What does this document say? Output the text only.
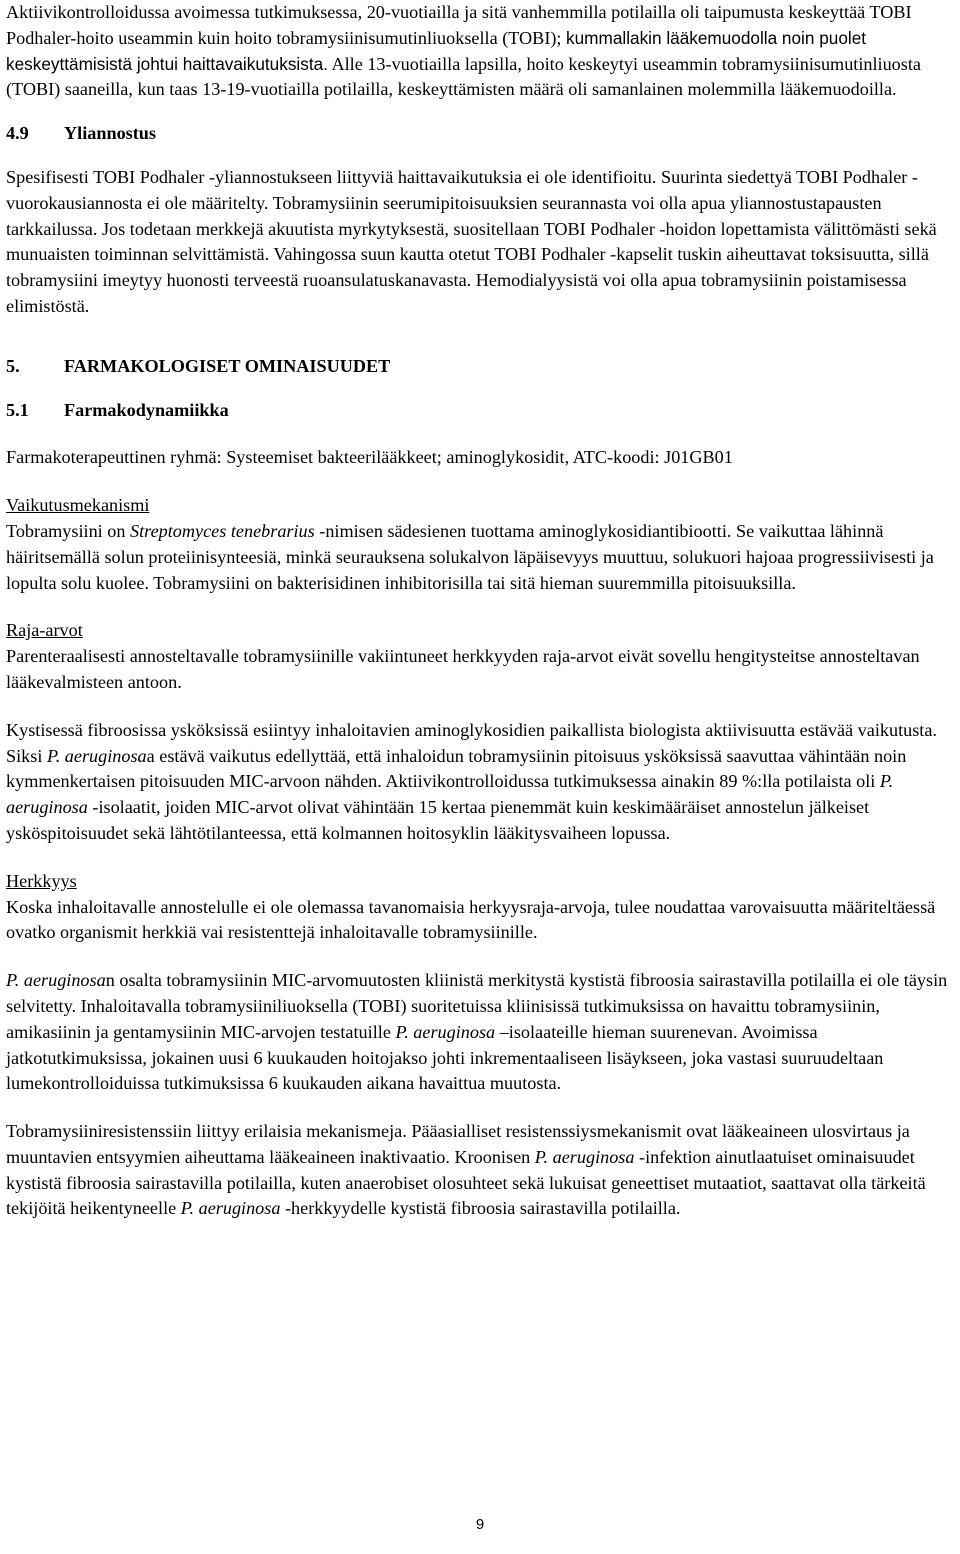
Aktiivikontrolloidussa avoimessa tutkimuksessa, 20-vuotiailla ja sitä vanhemmilla potilailla oli taipumusta keskeyttää TOBI Podhaler-hoito useammin kuin hoito tobramysiinisumutinliuoksella (TOBI); kummallakin lääkemuodolla noin puolet keskeyttämisistä johtui haittavaikutuksista. Alle 13-vuotiailla lapsilla, hoito keskeytyi useammin tobramysiinisumutinliuosta (TOBI) saaneilla, kun taas 13-19-vuotiailla potilailla, keskeyttämisten määrä oli samanlainen molemmilla lääkemuodoilla.

4.9	Yliannostus

Spesifisesti TOBI Podhaler -yliannostukseen liittyviä haittavaikutuksia ei ole identifioitu. Suurinta siedettyä TOBI Podhaler -vuorokausiannosta ei ole määritelty. Tobramysiinin seerumipitoisuuksien seurannasta voi olla apua yliannostustapausten tarkkailussa. Jos todetaan merkkejä akuutista myrkytyksestä, suositellaan TOBI Podhaler -hoidon lopettamista välittömästi sekä munuaisten toiminnan selvittämistä. Vahingossa suun kautta otetut TOBI Podhaler -kapselit tuskin aiheuttavat toksisuutta, sillä tobramysiini imeytyy huonosti terveestä ruoansulatuskanavasta. Hemodialyysistä voi olla apua tobramysiinin poistamisessa elimistöstä.

5.	FARMAKOLOGISET OMINAISUUDET
5.1	Farmakodynamiikka

Farmakoterapeuttinen ryhmä: Systeemiset bakteerilääkkeet; aminoglykosidit, ATC-koodi: J01GB01

Vaikutusmekanismi

Tobramysiini on Streptomyces tenebrarius -nimisen sädesienen tuottama aminoglykosidiantibiootti. Se vaikuttaa lähinnä häiritsemällä solun proteiinisynteesiä, minkä seurauksena solukalvon läpäisevyys muuttuu, solukuori hajoaa progressiivisesti ja lopulta solu kuolee. Tobramysiini on bakterisidinen inhibitorisilla tai sitä hieman suuremmilla pitoisuuksilla.

Raja-arvot

Parenteraalisesti annosteltavalle tobramysiinille vakiintuneet herkkyyden raja-arvot eivät sovellu hengitysteitse annosteltavan lääkevalmisteen antoon.

Kystisessä fibroosissa ysköksissä esiintyy inhaloitavien aminoglykosidien paikallista biologista aktiivisuutta estävää vaikutusta. Siksi P. aeruginosaa estävä vaikutus edellyttää, että inhaloidun tobramysiinin pitoisuus ysköksissä saavuttaa vähintään noin kymmenkertaisen pitoisuuden MIC-arvoon nähden. Aktiivikontrolloidussa tutkimuksessa ainakin 89 %:lla potilaista oli P. aeruginosa -isolaatit, joiden MIC-arvot olivat vähintään 15 kertaa pienemmät kuin keskimääräiset annostelun jälkeiset ysköspitoisuudet sekä lähtötilanteessa, että kolmannen hoitosyklin lääkitysvaiheen lopussa.

Herkkyys

Koska inhaloitavalle annostelulle ei ole olemassa tavanomaisia herkyysraja-arvoja, tulee noudattaa varovaisuutta määriteltäessä ovatko organismit herkkiä vai resistenttejä inhaloitavalle tobramysiinille.

P. aeruginosan osalta tobramysiinin MIC-arvomuutosten kliinistä merkitystä kystistä fibroosia sairastavilla potilailla ei ole täysin selvitetty. Inhaloitavalla tobramysiiniliuoksella (TOBI) suoritetuissa kliinisissä tutkimuksissa on havaittu tobramysiinin, amikasiinin ja gentamysiinin MIC-arvojen testatuille P. aeruginosa –isolaateille hieman suurenevan. Avoimissa jatkotutkimuksissa, jokainen uusi 6 kuukauden hoitojakso johti inkrementaaliseen lisäykseen, joka vastasi suuruudeltaan lumekontrolloiduissa tutkimuksissa 6 kuukauden aikana havaittua muutosta.

Tobramysiiniresistenssiin liittyy erilaisia mekanismeja. Pääasialliset resistenssiysmekanismit ovat lääkeaineen ulosvirtaus ja muuntavien entsyymien aiheuttama lääkeaineen inaktivaatio. Kroonisen P. aeruginosa -infektion ainutlaatuiset ominaisuudet kystistä fibroosia sairastavilla potilailla, kuten anaerobiset olosuhteet sekä lukuisat geneettiset mutaatiot, saattavat olla tärkeitä tekijöitä heikentyneelle P. aeruginosa -herkkyydelle kystistä fibroosia sairastavilla potilailla.

9
